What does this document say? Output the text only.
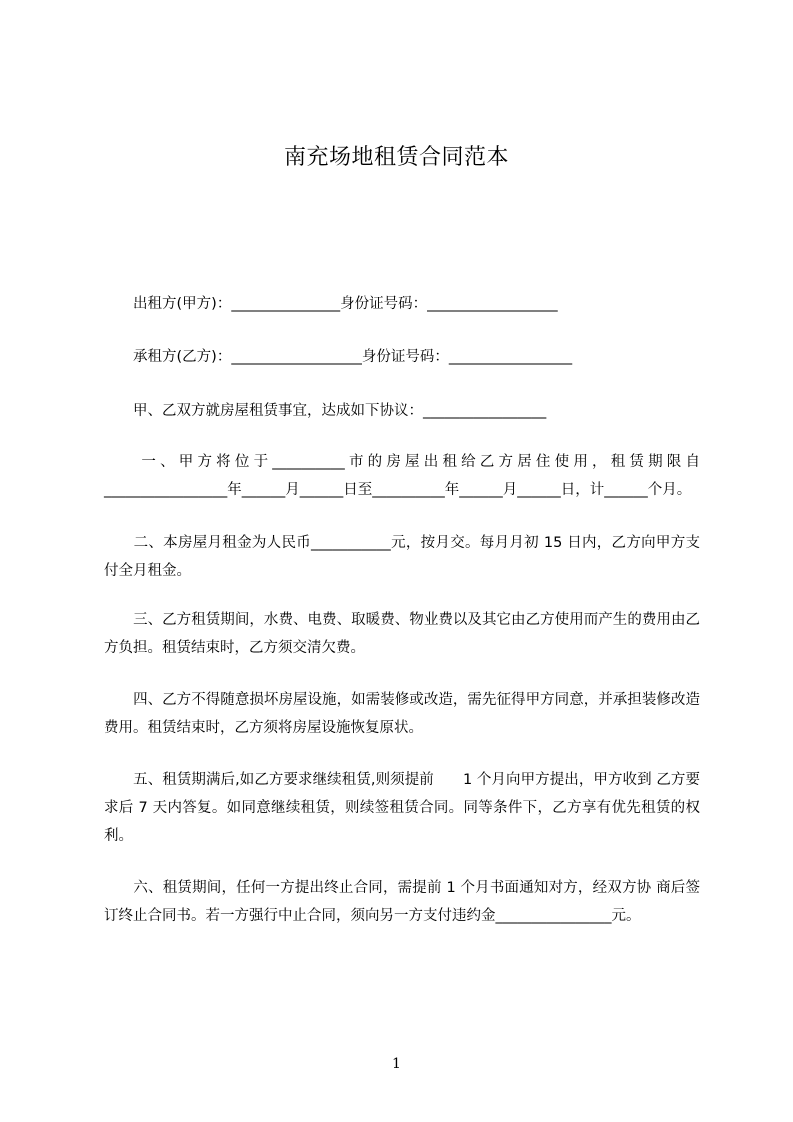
南充场地租赁合同范本
　　出租方(甲方)：_______________身份证号码：__________________
　　承租方(乙方)：__________________身份证号码：_________________
　　甲、乙双方就房屋租赁事宜，达成如下协议：_________________
　　一、甲方将位于__________市的房屋出租给乙方居住使用，租赁期限自_________________年______月______日至__________年______月______日，计______个月。
　　二、本房屋月租金为人民币___________元，按月交。每月月初 15 日内，乙方向甲方支付全月租金。
　　三、乙方租赁期间，水费、电费、取暖费、物业费以及其它由乙方使用而产生的费用由乙方负担。租赁结束时，乙方须交清欠费。
　　四、乙方不得随意损坏房屋设施，如需装修或改造，需先征得甲方同意，并承担装修改造费用。租赁结束时，乙方须将房屋设施恢复原状。
　　五、租赁期满后,如乙方要求继续租赁,则须提前　　1 个月向甲方提出，甲方收到 乙方要求后 7 天内答复。如同意继续租赁，则续签租赁合同。同等条件下，乙方享有优先租赁的权利。
　　六、租赁期间，任何一方提出终止合同，需提前 1 个月书面通知对方，经双方协 商后签订终止合同书。若一方强行中止合同，须向另一方支付违约金________________元。
1
